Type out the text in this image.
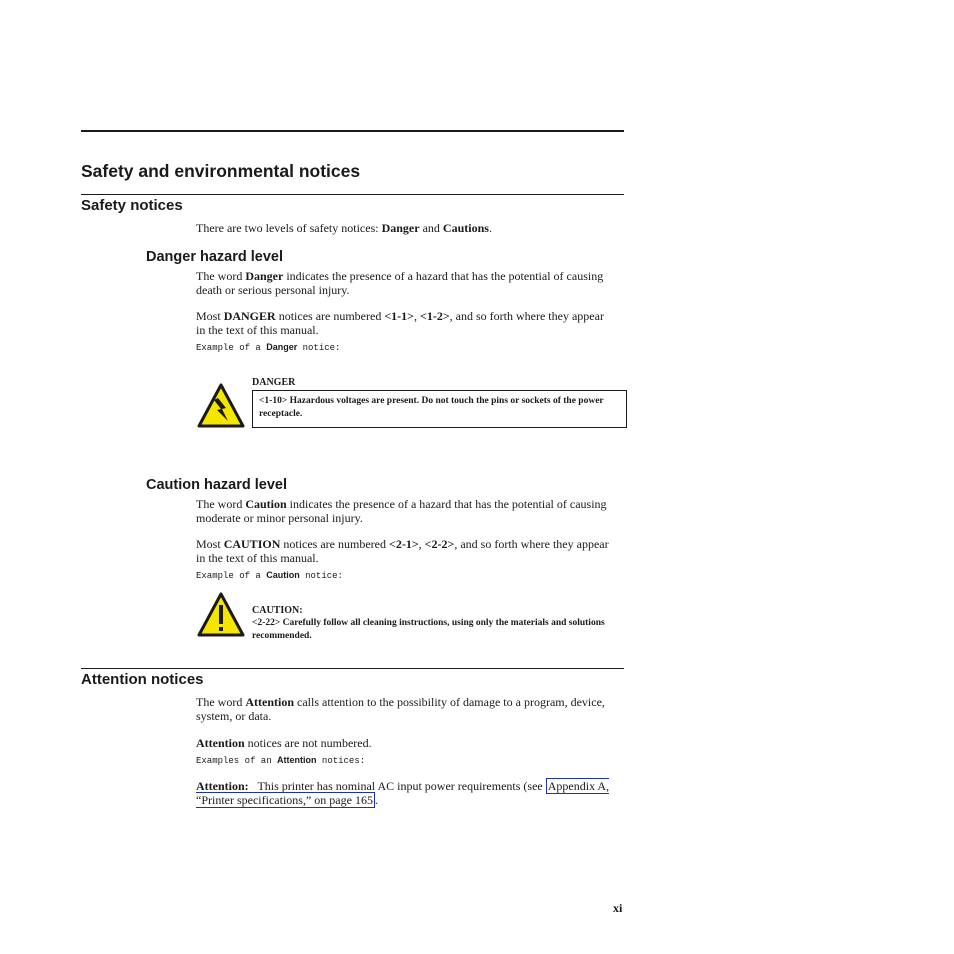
Safety and environmental notices
Safety notices
There are two levels of safety notices: Danger and Cautions.
Danger hazard level
The word Danger indicates the presence of a hazard that has the potential of causing death or serious personal injury.
Most DANGER notices are numbered <1-1>, <1-2>, and so forth where they appear in the text of this manual.
Example of a Danger notice:
DANGER
<1-10> Hazardous voltages are present. Do not touch the pins or sockets of the power receptacle.
Caution hazard level
The word Caution indicates the presence of a hazard that has the potential of causing moderate or minor personal injury.
Most CAUTION notices are numbered <2-1>, <2-2>, and so forth where they appear in the text of this manual.
Example of a Caution notice:
CAUTION:
<2-22> Carefully follow all cleaning instructions, using only the materials and solutions recommended.
Attention notices
The word Attention calls attention to the possibility of damage to a program, device, system, or data.
Attention notices are not numbered.
Examples of an Attention notices:
Attention: This printer has nominal AC input power requirements (see Appendix A, “Printer specifications,” on page 165 .
xi
